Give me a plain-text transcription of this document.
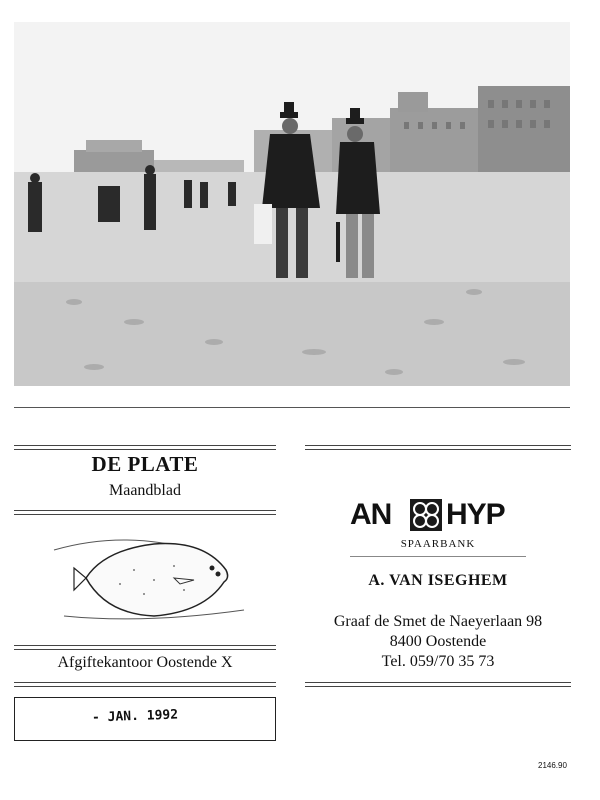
DE PLATE
Maandblad
Afgiftekantoor Oostende X
- JAN. 1992
AN HYP
SPAARBANK
A. VAN ISEGHEM
Graaf de Smet de Naeyerlaan 98
8400 Oostende
Tel. 059/70 35 73
2146.90
